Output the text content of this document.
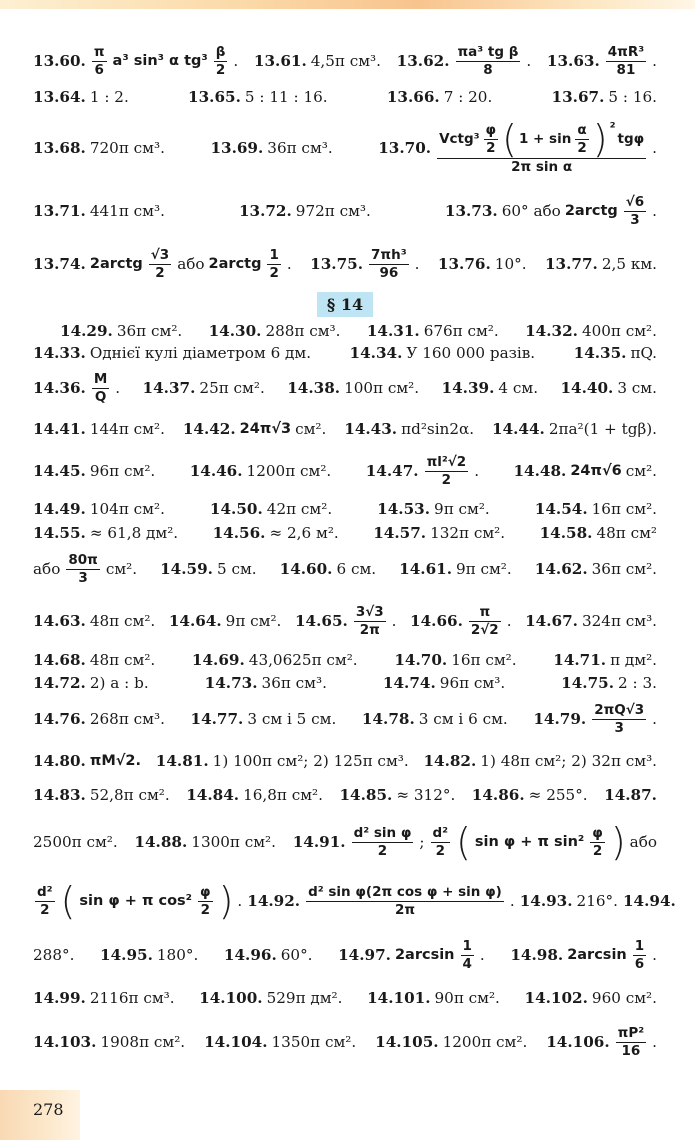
13.60.
π
6
a³ sin³ α tg³
β
2 . 13.61. 4,5π см³. 13.62.
πa³ tg β
8 . 13.63.
4πR³
81 .
13.64. 1 : 2.	13.65. 5 : 11 : 16.	13.66. 7 : 20.	13.67. 5 : 16.
13.68. 720π см³.	13.69. 36π см³.	13.70.
Vctg³
φ
2 ( 1 + sin
α
2 ) ²
tgφ
2π sin α
.
13.71. 441π см³.	13.72. 972π см³.	13.73. 60° або 2arctg
√6
3 .
13.74. 2arctg
√3
2 або 2arctg
1
2 . 13.75.
7πh³
96 . 13.76. 10°. 13.77. 2,5 км.
§ 14
14.29. 36π см². 14.30. 288π см³. 14.31. 676π см². 14.32. 400π см².
14.33. Однієї кулі діаметром 6 дм.	14.34. У 160 000 разів.	14.35. πQ.
14.36.
M
Q . 14.37. 25π см². 14.38. 100π см². 14.39. 4 см. 14.40. 3 см.
14.41. 144π см². 14.42. 24π√3 см². 14.43. πd²sin2α. 14.44. 2πa²(1 + tgβ).
14.45. 96π см². 14.46. 1200π см². 14.47.
πl²√2
2 . 14.48. 24π√6 см².
14.49. 104π см².	14.50. 42π см².	14.53. 9π см².	14.54. 16π см².
14.55. ≈ 61,8 дм². 14.56. ≈ 2,6 м². 14.57. 132π см². 14.58. 48π см²
або
80π
3 см². 14.59. 5 см. 14.60. 6 см. 14.61. 9π см². 14.62. 36π см².
14.63. 48π см². 14.64. 9π см². 14.65.
3√3
2π . 14.66.
π
2√2 . 14.67. 324π см³.
14.68. 48π см². 14.69. 43,0625π см². 14.70. 16π см². 14.71. π дм².
14.72. 2) a : b.	14.73. 36π см³.	14.74. 96π см³.	14.75. 2 : 3.
14.76. 268π см³. 14.77. 3 см і 5 см. 14.78. 3 см і 6 см. 14.79.
2πQ√3
3 .
14.80. πM√2. 14.81. 1) 100π см²; 2) 125π см³. 14.82. 1) 48π см²; 2) 32π см³.
14.83. 52,8π см². 14.84. 16,8π см². 14.85. ≈ 312°. 14.86. ≈ 255°. 14.87.
2500π см². 14.88. 1300π см². 14.91.
d² sin φ
2 ;
d²
2 ( sin φ + π sin²
φ
2 ) або
d²
2 ( sin φ + π cos²
φ
2 ) . 14.92.
d² sin φ(2π cos φ + sin φ)
2π	. 14.93. 216°. 14.94.
288°. 14.95. 180°. 14.96. 60°. 14.97. 2arcsin
1
4 . 14.98. 2arcsin
1
6 .
14.99. 2116π см³. 14.100. 529π дм². 14.101. 90π см². 14.102. 960 см².
14.103. 1908π см². 14.104. 1350π см². 14.105. 1200π см². 14.106.
πP²
16 .
278
